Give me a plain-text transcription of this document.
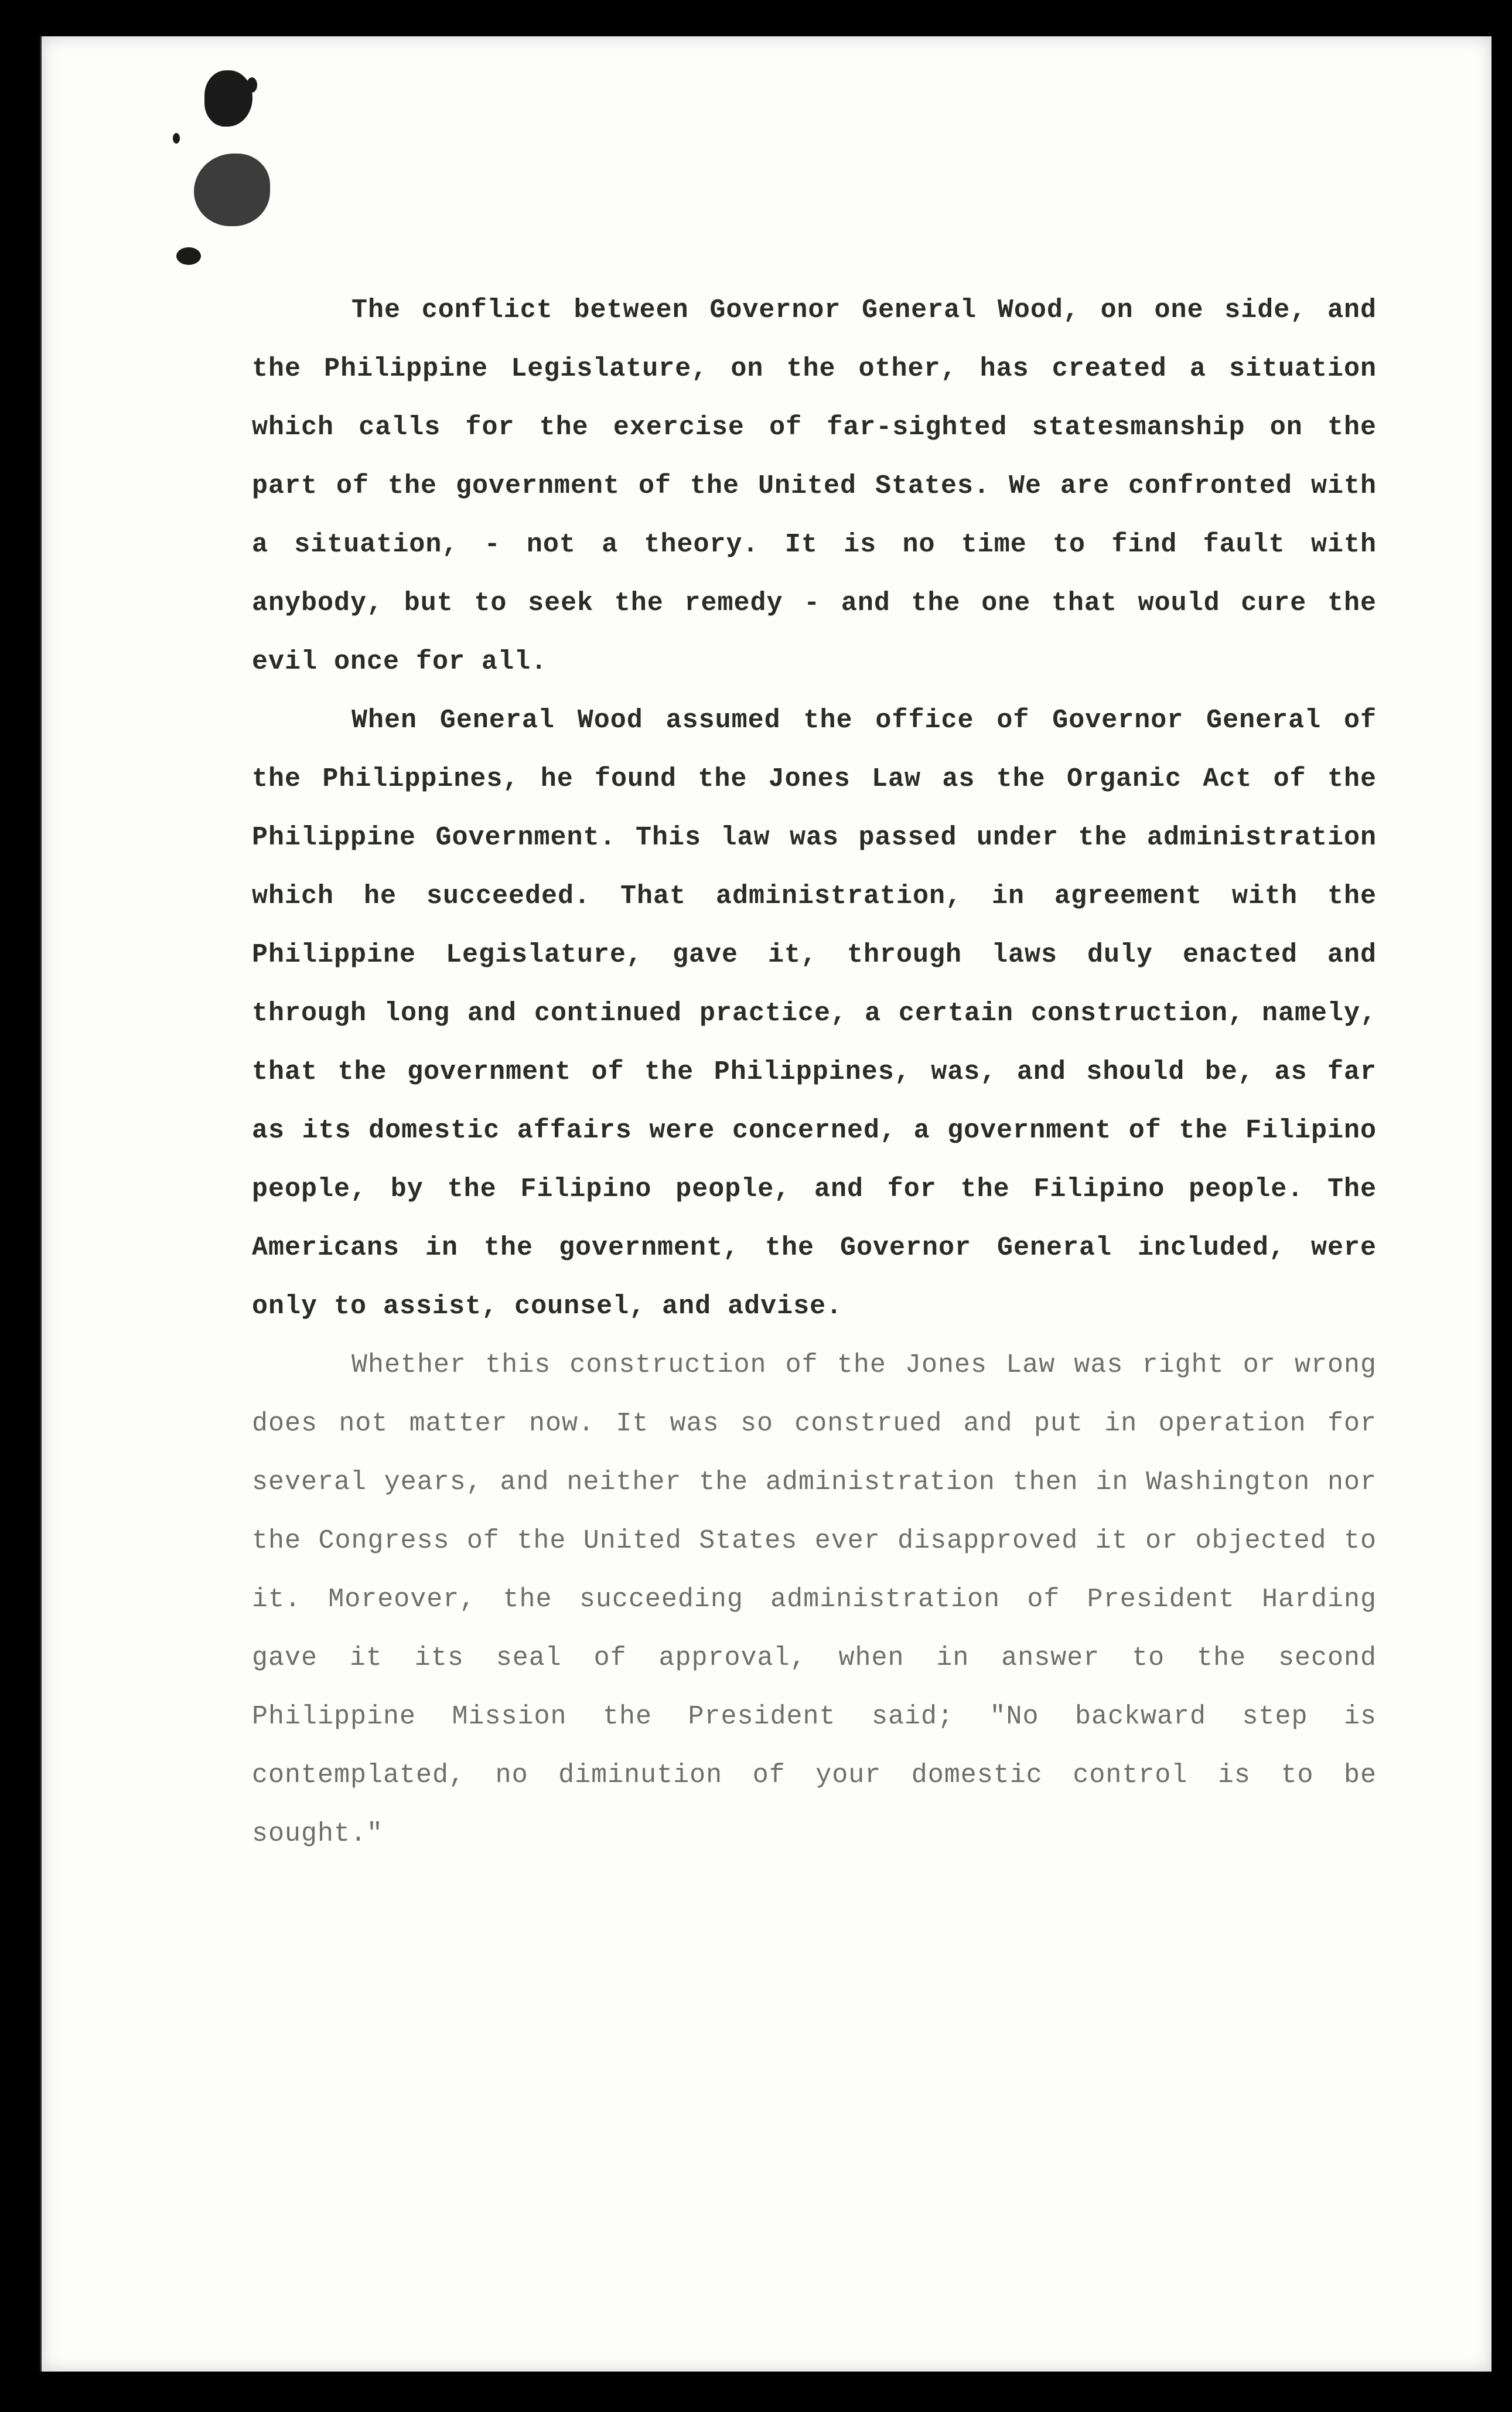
The conflict between Governor General Wood, on one side, and the Philippine Legislature, on the other, has created a situation which calls for the exercise of far-sighted statesmanship on the part of the government of the United States. We are confronted with a situation, - not a theory. It is no time to find fault with anybody, but to seek the remedy - and the one that would cure the evil once for all.

When General Wood assumed the office of Governor General of the Philippines, he found the Jones Law as the Organic Act of the Philippine Government. This law was passed under the administration which he succeeded. That administration, in agreement with the Philippine Legislature, gave it, through laws duly enacted and through long and continued practice, a certain construction, namely, that the government of the Philippines, was, and should be, as far as its domestic affairs were concerned, a government of the Filipino people, by the Filipino people, and for the Filipino people. The Americans in the government, the Governor General included, were only to assist, counsel, and advise.

Whether this construction of the Jones Law was right or wrong does not matter now. It was so construed and put in operation for several years, and neither the administration then in Washington nor the Congress of the United States ever disapproved it or objected to it. Moreover, the succeeding administration of President Harding gave it its seal of approval, when in answer to the second Philippine Mission the President said; "No backward step is contemplated, no diminution of your domestic control is to be sought."
